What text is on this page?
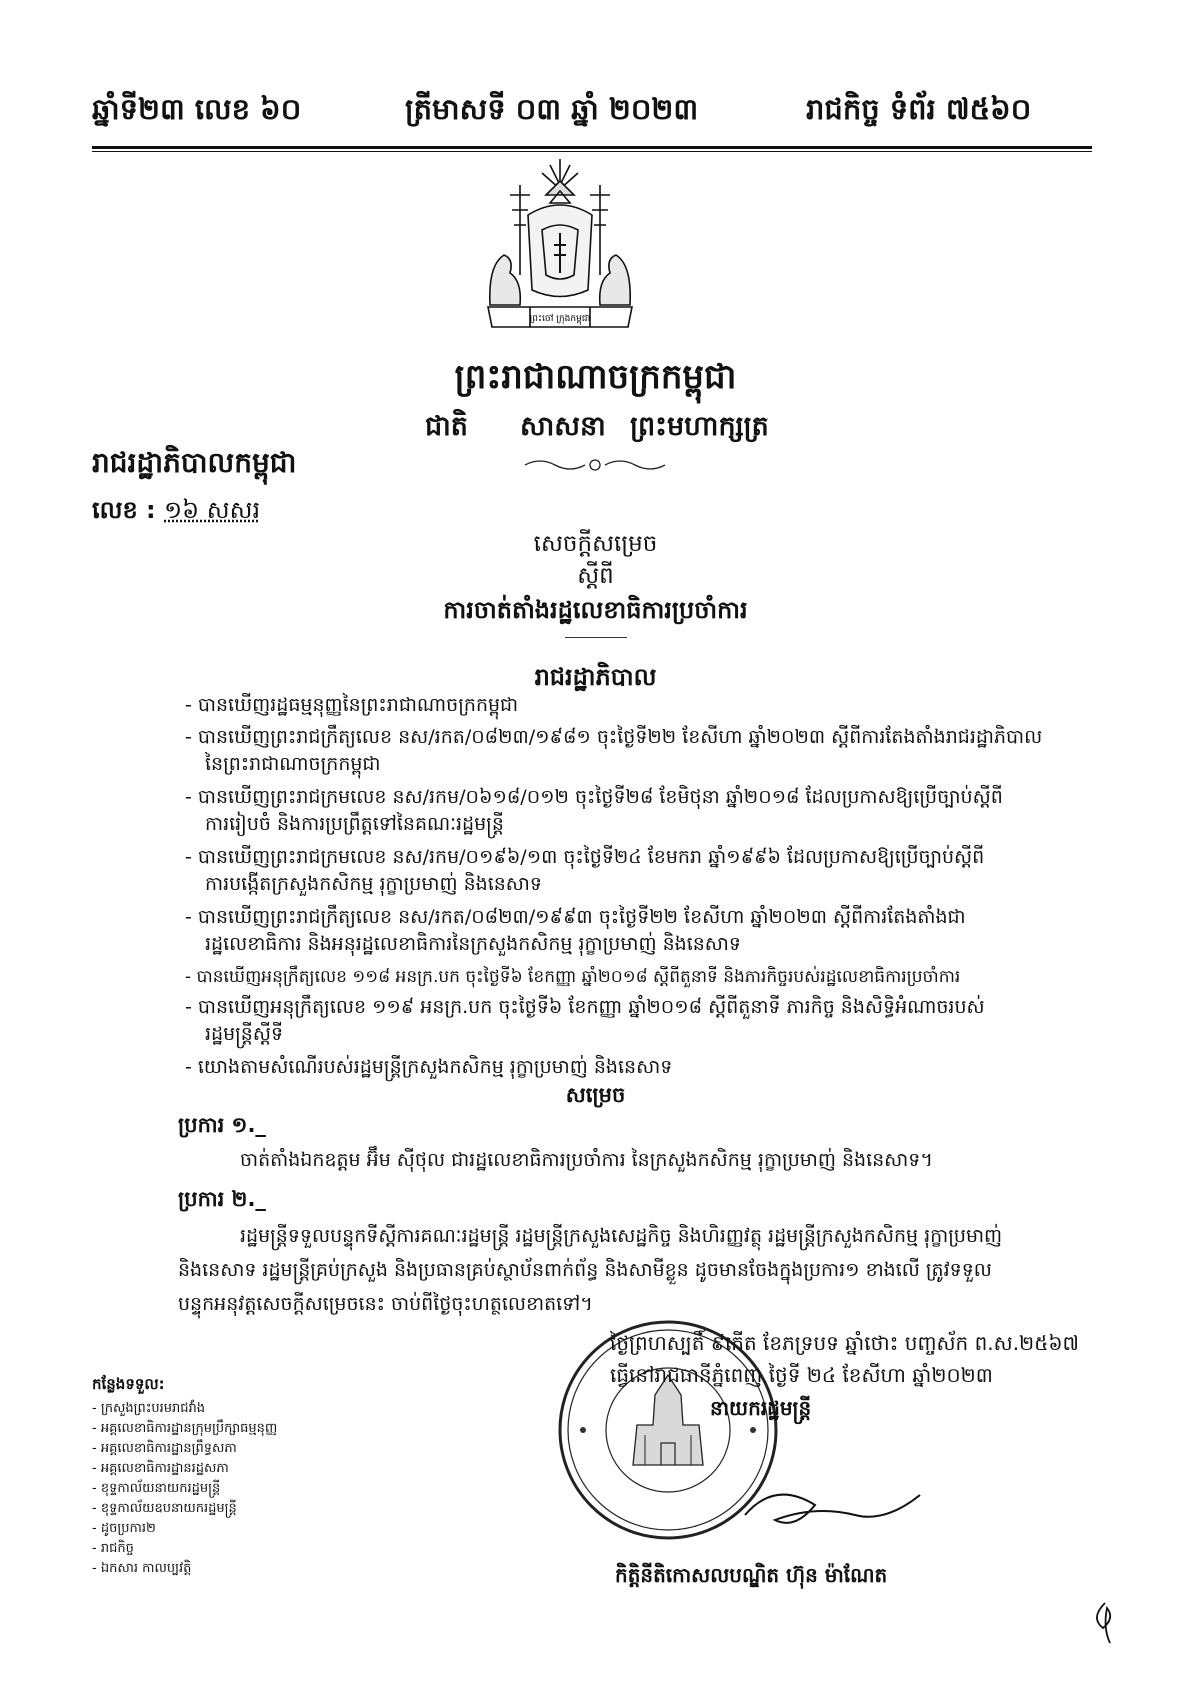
ឆ្នាំទី២៣ លេខ ៦០	ត្រីមាសទី ០៣ ឆ្នាំ ២០២៣	រាជកិច្ច ទំព័រ ៧៥៦០
ព្រះចៅ ក្រុងកម្ពុជា
ព្រះរាជាណាចក្រកម្ពុជា
ជាតិ សាសនា ព្រះមហាក្សត្រ
រាជរដ្ឋាភិបាលកម្ពុជា
លេខ : ១៦ សសរ
សេចក្តីសម្រេច
ស្តីពី
ការចាត់តាំងរដ្ឋលេខាធិការប្រចាំការ
រាជរដ្ឋាភិបាល
- បានឃើញរដ្ឋធម្មនុញ្ញនៃព្រះរាជាណាចក្រកម្ពុជា
- បានឃើញព្រះរាជក្រឹត្យលេខ នស/រកត/០៨២៣/១៩៨១ ចុះថ្ងៃទី២២ ខែសីហា ឆ្នាំ២០២៣ ស្តីពីការតែងតាំងរាជរដ្ឋាភិបាល
នៃព្រះរាជាណាចក្រកម្ពុជា
- បានឃើញព្រះរាជក្រមលេខ នស/រកម/០៦១៨/០១២ ចុះថ្ងៃទី២៨ ខែមិថុនា ឆ្នាំ២០១៨ ដែលប្រកាសឱ្យប្រើច្បាប់ស្តីពី
ការរៀបចំ និងការប្រព្រឹត្តទៅនៃគណៈរដ្ឋមន្ត្រី
- បានឃើញព្រះរាជក្រមលេខ នស/រកម/០១៩៦/១៣ ចុះថ្ងៃទី២៤ ខែមករា ឆ្នាំ១៩៩៦ ដែលប្រកាសឱ្យប្រើច្បាប់ស្តីពី
ការបង្កើតក្រសួងកសិកម្ម រុក្ខាប្រមាញ់ និងនេសាទ
- បានឃើញព្រះរាជក្រឹត្យលេខ នស/រកត/០៨២៣/១៩៩៣ ចុះថ្ងៃទី២២ ខែសីហា ឆ្នាំ២០២៣ ស្តីពីការតែងតាំងជា
រដ្ឋលេខាធិការ និងអនុរដ្ឋលេខាធិការនៃក្រសួងកសិកម្ម រុក្ខាប្រមាញ់ និងនេសាទ
- បានឃើញអនុក្រឹត្យលេខ ១១៨ អនក្រ.បក ចុះថ្ងៃទី៦ ខែកញ្ញា ឆ្នាំ២០១៨ ស្តីពីតួនាទី និងភារកិច្ចរបស់រដ្ឋលេខាធិការប្រចាំការ
- បានឃើញអនុក្រឹត្យលេខ ១១៩ អនក្រ.បក ចុះថ្ងៃទី៦ ខែកញ្ញា ឆ្នាំ២០១៨ ស្តីពីតួនាទី ភារកិច្ច និងសិទ្ធិអំណាចរបស់
រដ្ឋមន្ត្រីស្តីទី
- យោងតាមសំណើរបស់រដ្ឋមន្ត្រីក្រសួងកសិកម្ម រុក្ខាប្រមាញ់ និងនេសាទ
សម្រេច
ប្រការ ១._
ចាត់តាំងឯកឧត្តម អ៊ឹម ស៊ីថុល ជារដ្ឋលេខាធិការប្រចាំការ នៃក្រសួងកសិកម្ម រុក្ខាប្រមាញ់ និងនេសាទ។
ប្រការ ២._
រដ្ឋមន្ត្រីទទួលបន្ទុកទីស្តីការគណៈរដ្ឋមន្ត្រី រដ្ឋមន្ត្រីក្រសួងសេដ្ឋកិច្ច និងហិរញ្ញវត្ថុ រដ្ឋមន្ត្រីក្រសួងកសិកម្ម រុក្ខាប្រមាញ់
និងនេសាទ រដ្ឋមន្ត្រីគ្រប់ក្រសួង និងប្រធានគ្រប់ស្ថាប័នពាក់ព័ន្ធ និងសាមីខ្លួន ដូចមានចែងក្នុងប្រការ១ ខាងលើ ត្រូវទទួល
បន្ទុកអនុវត្តសេចក្តីសម្រេចនេះ ចាប់ពីថ្ងៃចុះហត្ថលេខាតទៅ។
ថ្ងៃព្រហស្បតិ៍ ៩កើត ខែភទ្របទ ឆ្នាំថោះ បញ្ចស័ក ព.ស.២៥៦៧
ធ្វើនៅរាជធានីភ្នំពេញ ថ្ងៃទី ២៤ ខែសីហា ឆ្នាំ២០២៣
នាយករដ្ឋមន្ត្រី
កិត្តិនីតិកោសលបណ្ឌិត ហ៊ុន ម៉ាណែត
កន្លែងទទួល:
- ក្រសួងព្រះបរមរាជវាំង
- អគ្គលេខាធិការដ្ឋានក្រុមប្រឹក្សាធម្មនុញ្ញ
- អគ្គលេខាធិការដ្ឋានព្រឹទ្ធសភា
- អគ្គលេខាធិការដ្ឋានរដ្ឋសភា
- ខុទ្ទកាល័យនាយករដ្ឋមន្ត្រី
- ខុទ្ទកាល័យឧបនាយករដ្ឋមន្ត្រី
- ដូចប្រការ២
- រាជកិច្ច
- ឯកសារ កាលប្បវត្តិ
